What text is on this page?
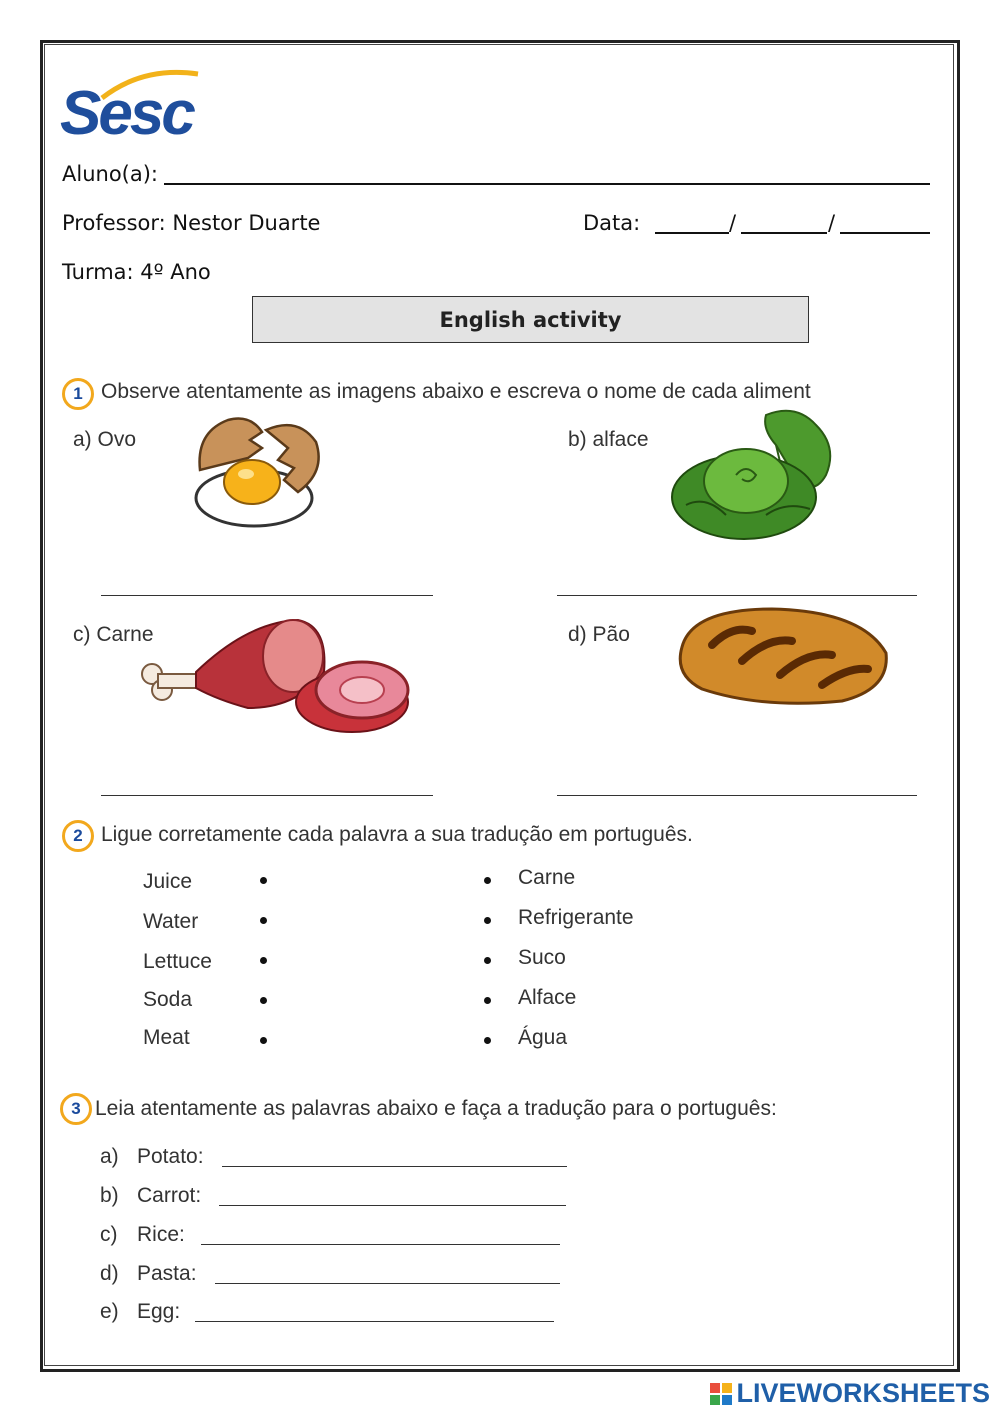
Sesc
Aluno(a):
Professor: Nestor Duarte	Data:	/	/
Turma: 4º Ano
English activity
1 Observe atentamente as imagens abaixo e escreva o nome de cada aliment
a) Ovo	b) alface
c) Carne	d) Pão
2 Ligue corretamente cada palavra a sua tradução em português.
Juice
Water
Lettuce
Soda
Meat
Carne
Refrigerante
Suco
Alface
Água
3 Leia atentamente as palavras abaixo e faça a tradução para o português:
a) Potato:
b) Carrot:
c) Rice:
d) Pasta:
e) Egg:
LIVEWORKSHEETS
